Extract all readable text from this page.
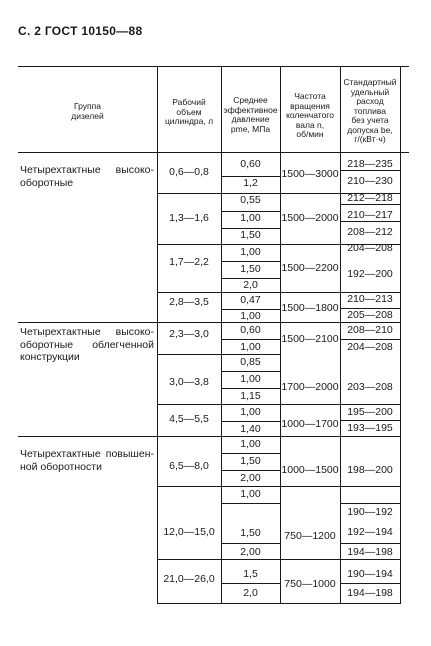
С. 2 ГОСТ 10150—88
Группа
дизелей
Рабочий
объем
цилиндра, л
Среднее
эффективное
давление
pme, МПа
Частота
вращения
коленчатого
вала n,
об/мин
Стандартный
удельный
расход
топлива
без учета
допуска be,
г/(кВт·ч)
Четырехтактные высоко-оборотные
Четырехтактные высоко-оборотные облегченной конструкции
Четырехтактные повышен-ной оборотности
0,6—0,8
1,3—1,6
1,7—2,2
2,8—3,5
2,3—3,0
3,0—3,8
4,5—5,5
6,5—8,0
12,0—15,0
21,0—26,0
0,60
1,2
0,55
1,00
1,50
1,00
1,50
2,0
0,47
1,00
0,60
1,00
0,85
1,00
1,15
1,00
1,40
1,00
1,50
2,00
1,00
1,50
2,00
1,5
2,0
1500—3000
1500—2000
1500—2200
1500—1800
1500—2100
1700—2000
1000—1700
1000—1500
750—1200
750—1000
218—235
210—230
212—218
210—217
208—212
204—208
192—200
210—213
205—208
208—210
204—208
203—208
195—200
193—195
198—200
190—192
192—194
194—198
190—194
194—198
